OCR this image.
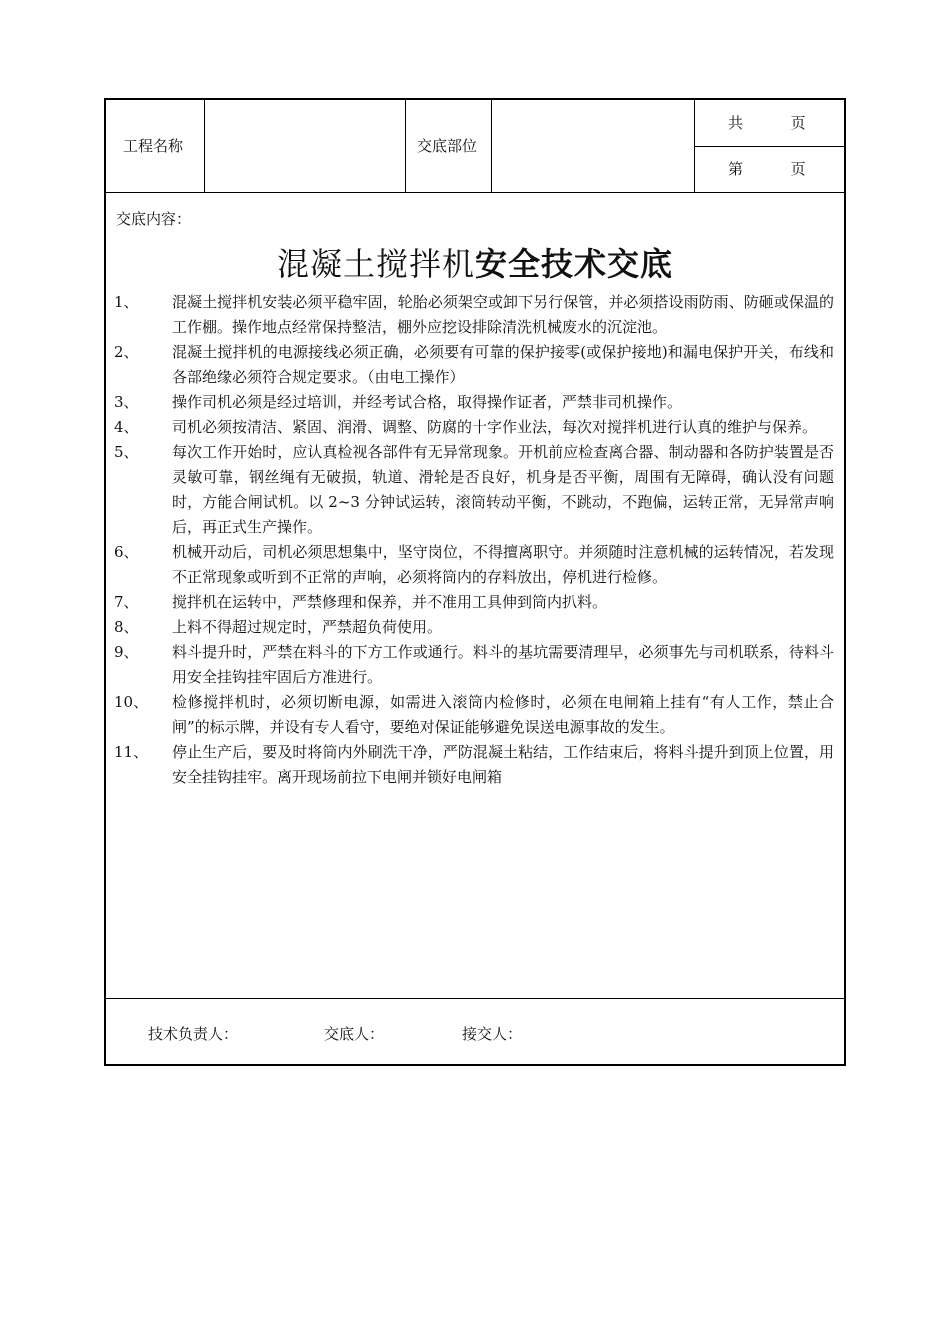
工程名称	交底部位
共          页
第          页
交底内容：
混凝土搅拌机安全技术交底
1、 混凝土搅拌机安装必须平稳牢固，轮胎必须架空或卸下另行保管，并必须搭设雨防雨、防砸或保温的工作棚。操作地点经常保持整洁，棚外应挖设排除清洗机械废水的沉淀池。
2、 混凝土搅拌机的电源接线必须正确，必须要有可靠的保护接零(或保护接地)和漏电保护开关，布线和各部绝缘必须符合规定要求。（由电工操作）
3、 操作司机必须是经过培训，并经考试合格，取得操作证者，严禁非司机操作。
4、 司机必须按清洁、紧固、润滑、调整、防腐的十字作业法，每次对搅拌机进行认真的维护与保养。
5、 每次工作开始时，应认真检视各部件有无异常现象。开机前应检查离合器、制动器和各防护装置是否灵敏可靠，钢丝绳有无破损，轨道、滑轮是否良好，机身是否平衡，周围有无障碍，确认没有问题时，方能合闸试机。以 2~3 分钟试运转，滚筒转动平衡，不跳动，不跑偏，运转正常，无异常声响后，再正式生产操作。
6、 机械开动后，司机必须思想集中，坚守岗位，不得擅离职守。并须随时注意机械的运转情况，若发现不正常现象或听到不正常的声响，必须将筒内的存料放出，停机进行检修。
7、 搅拌机在运转中，严禁修理和保养，并不准用工具伸到筒内扒料。
8、 上料不得超过规定时，严禁超负荷使用。
9、 料斗提升时，严禁在料斗的下方工作或通行。料斗的基坑需要清理早，必须事先与司机联系，待料斗用安全挂钩挂牢固后方准进行。
10、 检修搅拌机时，必须切断电源，如需进入滚筒内检修时，必须在电闸箱上挂有“有人工作，禁止合闸”的标示牌，并设有专人看守，要绝对保证能够避免误送电源事故的发生。
11、 停止生产后，要及时将筒内外刷洗干净，严防混凝土粘结，工作结束后，将料斗提升到顶上位置，用安全挂钩挂牢。离开现场前拉下电闸并锁好电闸箱
技术负责人：	交底人：	接交人：
